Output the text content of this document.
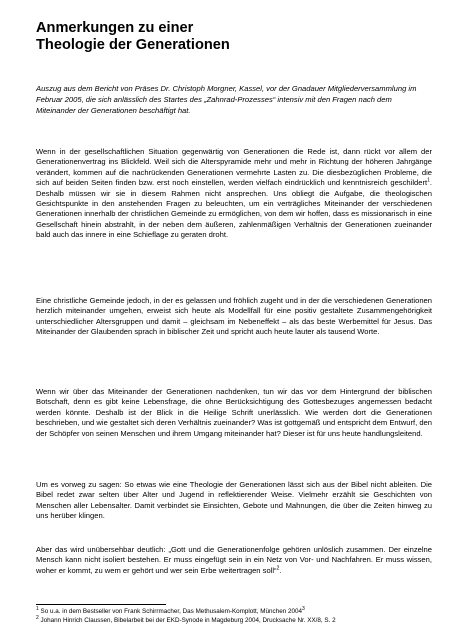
Anmerkungen zu einer
Theologie der Generationen

Auszug aus dem Bericht von Präses Dr. Christoph Morgner, Kassel, vor der Gnadauer Mitgliederversammlung im Februar 2005, die sich anlässlich des Startes des „Zahnrad-Prozesses“ intensiv mit den Fragen nach dem Miteinander der Generationen beschäftigt hat.

Wenn in der gesellschaftlichen Situation gegenwärtig von Generationen die Rede ist, dann rückt vor allem der Generationenvertrag ins Blickfeld. Weil sich die Alterspyramide mehr und mehr in Richtung der höheren Jahrgänge verändert, kommen auf die nachrückenden Generationen vermehrte Lasten zu. Die diesbezüglichen Probleme, die sich auf beiden Seiten finden bzw. erst noch einstellen, werden vielfach eindrücklich und kenntnisreich geschildert$^1$. Deshalb müssen wir sie in diesem Rahmen nicht ansprechen. Uns obliegt die Aufgabe, die theologischen Gesichtspunkte in den anstehenden Fragen zu beleuchten, um ein verträgliches Miteinander der verschiedenen Generationen innerhalb der christlichen Gemeinde zu ermöglichen, von dem wir hoffen, dass es missionarisch in eine Gesellschaft hinein abstrahlt, in der neben dem äußeren, zahlenmäßigen Verhältnis der Generationen zueinander bald auch das innere in eine Schieflage zu geraten droht.

Eine christliche Gemeinde jedoch, in der es gelassen und fröhlich zugeht und in der die verschiedenen Generationen herzlich miteinander umgehen, erweist sich heute als Modellfall für eine positiv gestaltete Zusammengehörigkeit unterschiedlicher Altersgruppen und damit – gleichsam im Nebeneffekt – als das beste Werbemittel für Jesus. Das Miteinander der Glaubenden sprach in biblischer Zeit und spricht auch heute lauter als tausend Worte.

Wenn wir über das Miteinander der Generationen nachdenken, tun wir das vor dem Hintergrund der biblischen Botschaft, denn es gibt keine Lebensfrage, die ohne Berücksichtigung des Gottesbezuges angemessen bedacht werden könnte. Deshalb ist der Blick in die Heilige Schrift unerlässlich. Wie werden dort die Generationen beschrieben, und wie gestaltet sich deren Verhältnis zueinander? Was ist gottgemäß und entspricht dem Entwurf, den der Schöpfer von seinen Menschen und ihrem Umgang miteinander hat? Dieser ist für uns heute handlungsleitend.

Um es vorweg zu sagen: So etwas wie eine Theologie der Generationen lässt sich aus der Bibel nicht ableiten. Die Bibel redet zwar selten über Alter und Jugend in reflektierender Weise. Vielmehr erzählt sie Geschichten von Menschen aller Lebensalter. Damit verbindet sie Einsichten, Gebote und Mahnungen, die über die Zeiten hinweg zu uns herüber klingen.

Aber das wird unübersehbar deutlich: „Gott und die Generationenfolge gehören unlöslich zusammen. Der einzelne Mensch kann nicht isoliert bestehen. Er muss eingefügt sein in ein Netz von Vor- und Nachfahren. Er muss wissen, woher er kommt, zu wem er gehört und wer sein Erbe weitertragen soll“$^2$.

$^1$ So u.a. in dem Bestseller von Frank Schirrmacher, Das Methusalem-Komplott, München 2004$^3$

$^2$ Johann Hinrich Claussen, Bibelarbeit bei der EKD-Synode in Magdeburg 2004, Drucksache Nr. XX/8, S. 2
